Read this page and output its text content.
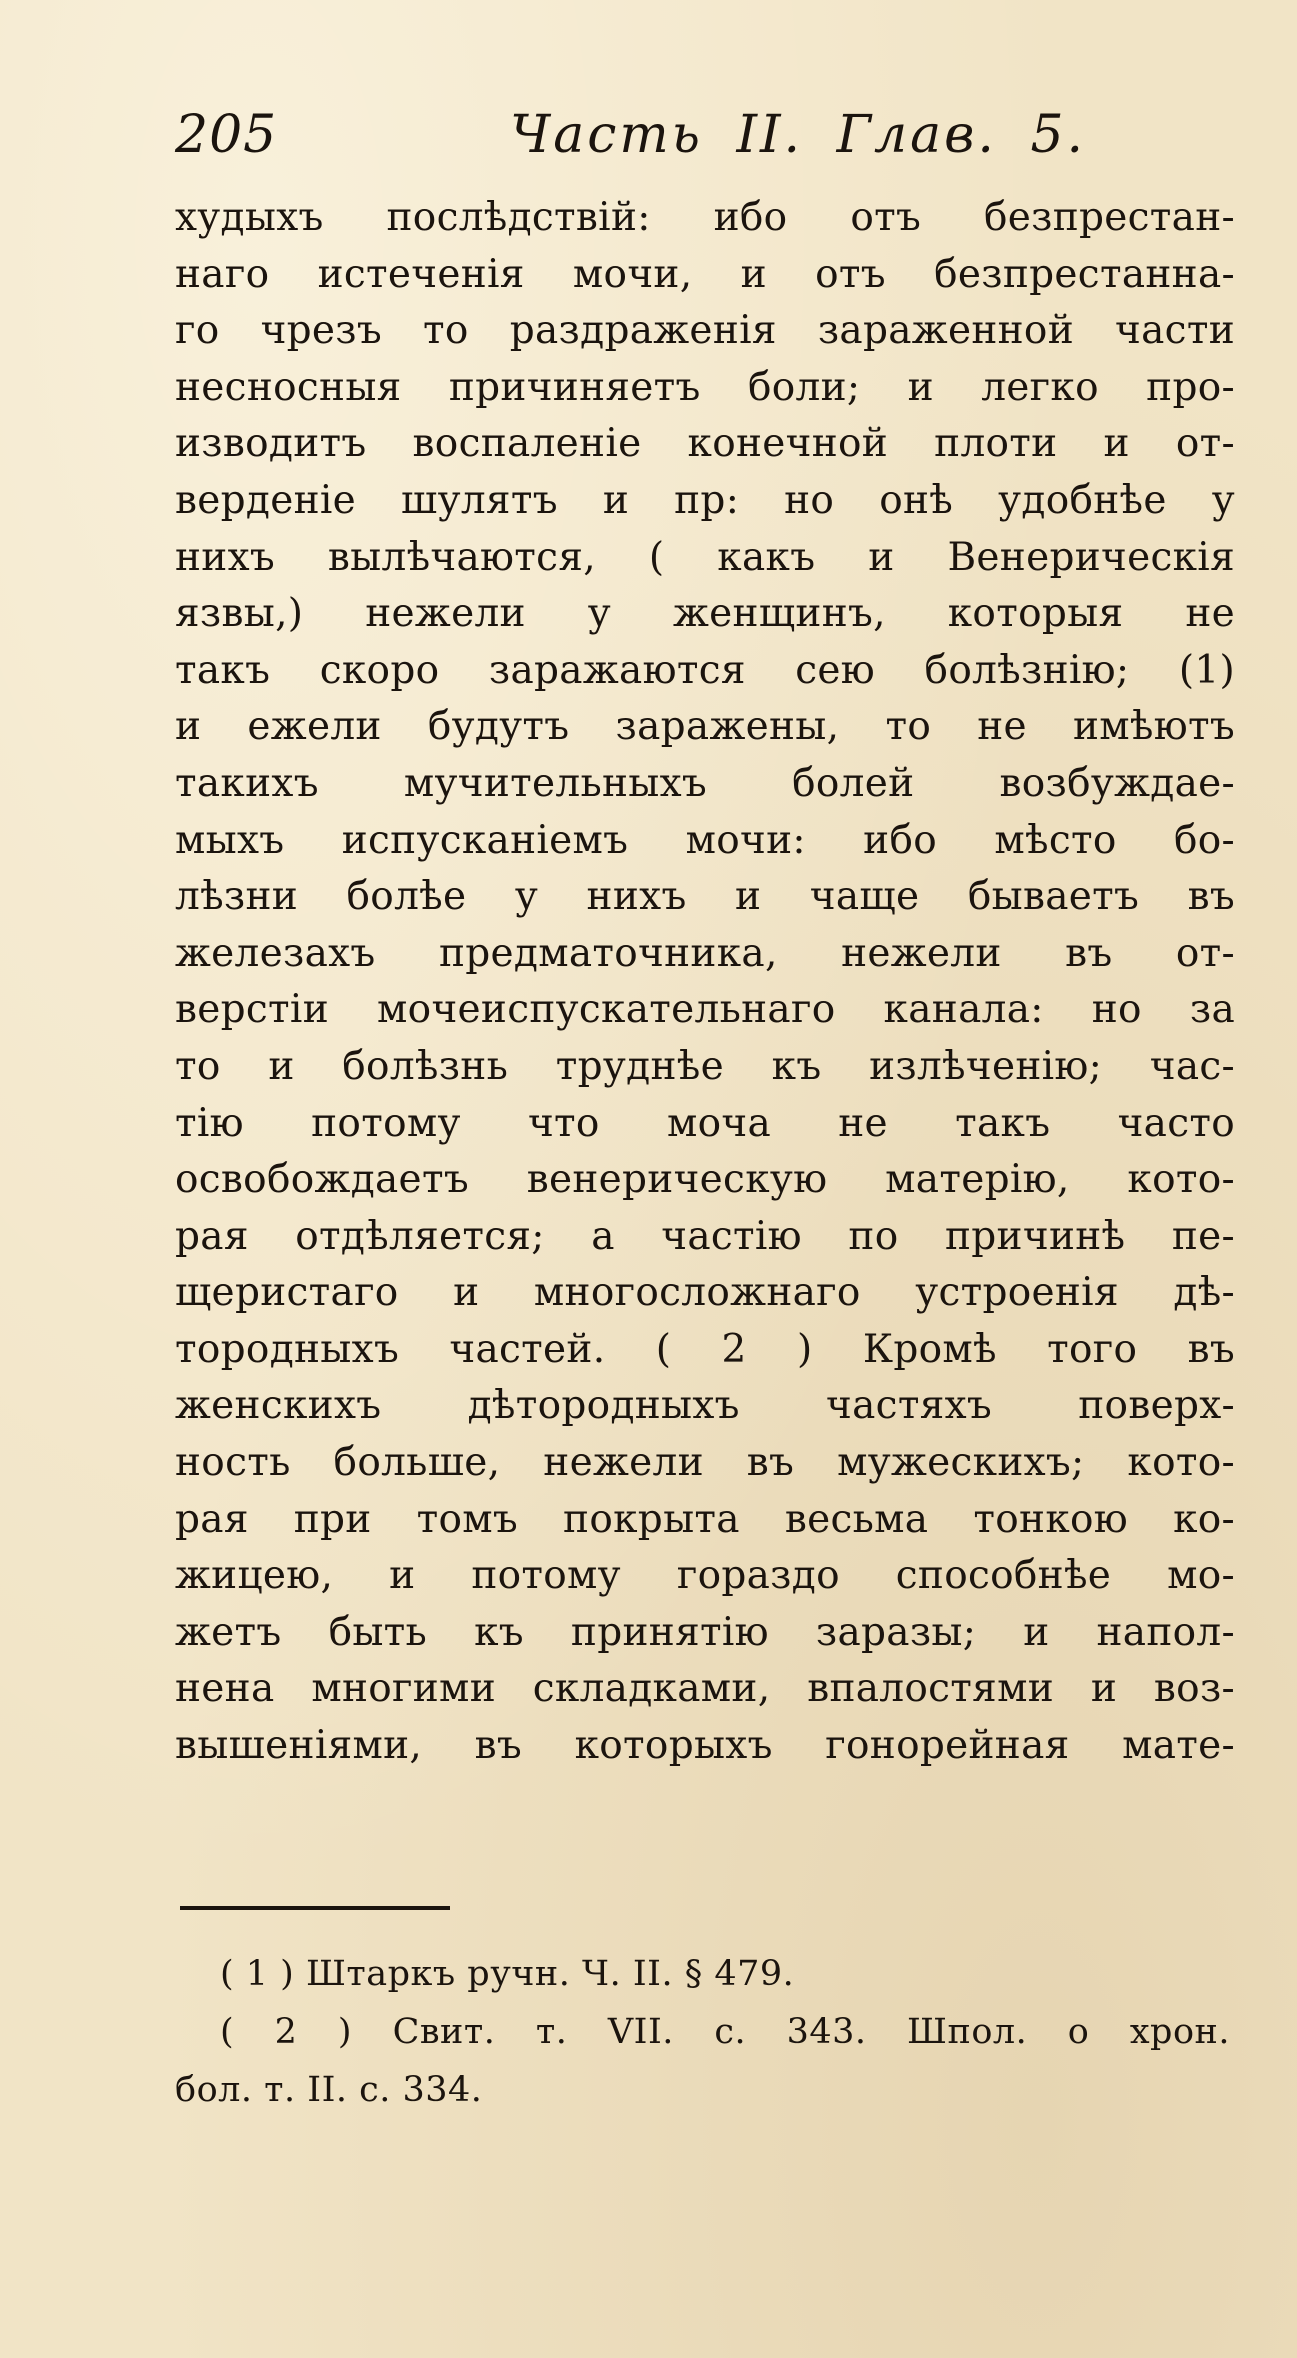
205	Часть II. Глав. 5.
худыхъ послѣдствій: ибо отъ безпрестан-
наго истеченія мочи, и отъ безпрестанна-
го чрезъ то раздраженія зараженной части
несносныя причиняетъ боли; и легко про-
изводитъ воспаленіе конечной плоти и от-
верденіе шулятъ и пр: но онѣ удобнѣе у
нихъ вылѣчаются, ( какъ и Венерическія
язвы,) нежели у женщинъ, которыя не
такъ скоро заражаются сею болѣзнію; (1)
и ежели будутъ заражены, то не имѣютъ
такихъ мучительныхъ болей возбуждае-
мыхъ испусканіемъ мочи: ибо мѣсто бо-
лѣзни болѣе у нихъ и чаще бываетъ въ
железахъ предматочника, нежели въ от-
верстіи мочеиспускательнаго канала: но за
то и болѣзнь труднѣе къ излѣченію; час-
тію потому что моча не такъ часто
освобождаетъ венерическую матерію, кото-
рая отдѣляется; а частію по причинѣ пе-
щеристаго и многосложнаго устроенія дѣ-
тородныхъ частей. ( 2 ) Кромѣ того въ
женскихъ дѣтородныхъ частяхъ поверх-
ность больше, нежели въ мужескихъ; кото-
рая при томъ покрыта весьма тонкою ко-
жицею, и потому гораздо способнѣе мо-
жетъ быть къ принятію заразы; и напол-
нена многими складками, впалостями и воз-
вышеніями, въ которыхъ гонорейная мате-
( 1 ) Штаркъ ручн. Ч. II. § 479.
( 2 ) Свит. т. VII. с. 343. Шпол. о хрон.
бол. т. II. с. 334.
